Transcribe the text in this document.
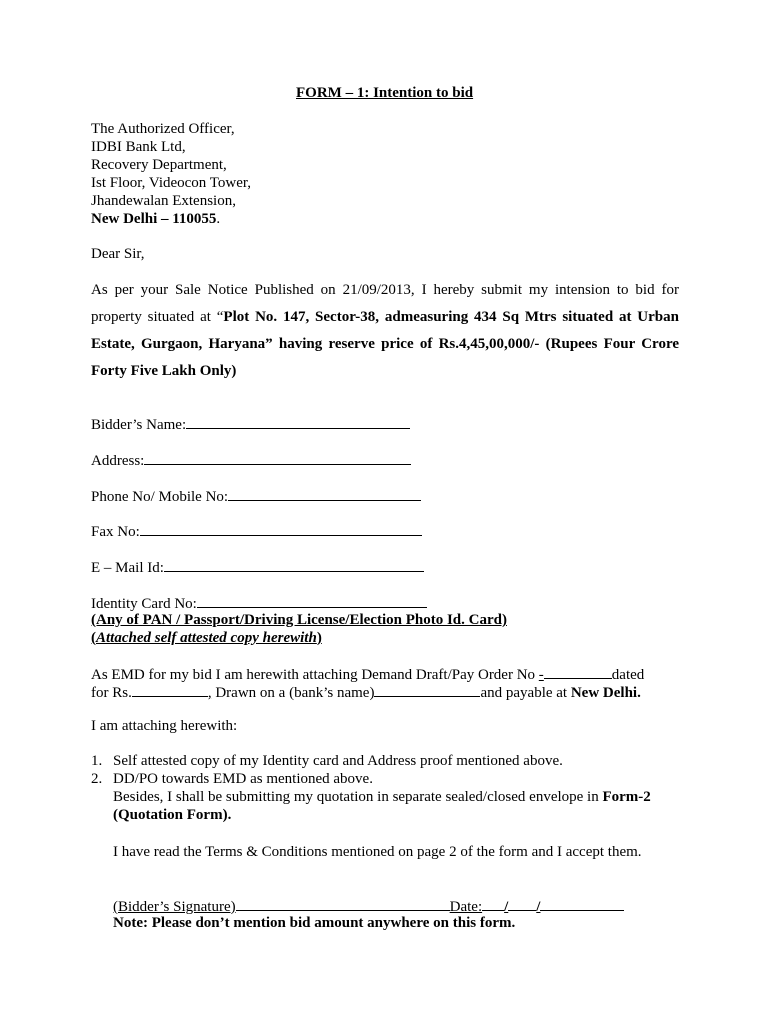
FORM – 1: Intention to bid
The Authorized Officer,
IDBI Bank Ltd,
Recovery Department,
Ist Floor, Videocon Tower,
Jhandewalan Extension,
New Delhi – 110055.
Dear Sir,
As per your Sale Notice Published on 21/09/2013, I hereby submit my intension to bid for
property situated at “Plot No. 147, Sector-38, admeasuring 434 Sq Mtrs situated at Urban
Estate, Gurgaon, Haryana” having reserve price of Rs.4,45,00,000/- (Rupees Four Crore
Forty Five Lakh Only)
Bidder’s Name:
Address:
Phone No/ Mobile No:
Fax No:
E – Mail Id:
Identity Card No:
(Any of PAN / Passport/Driving License/Election Photo Id. Card)
(Attached self attested copy herewith)
As EMD for my bid I am herewith attaching Demand Draft/Pay Order No -	dated
for Rs.	, Drawn on a (bank’s name)	and payable at New Delhi.
I am attaching herewith:
1. Self attested copy of my Identity card and Address proof mentioned above.
2. DD/PO towards EMD as mentioned above.
Besides, I shall be submitting my quotation in separate sealed/closed envelope in Form-2
(Quotation Form).
I have read the Terms & Conditions mentioned on page 2 of the form and I accept them.
(Bidder’s Signature)	Date: / /
Note: Please don’t mention bid amount anywhere on this form.
